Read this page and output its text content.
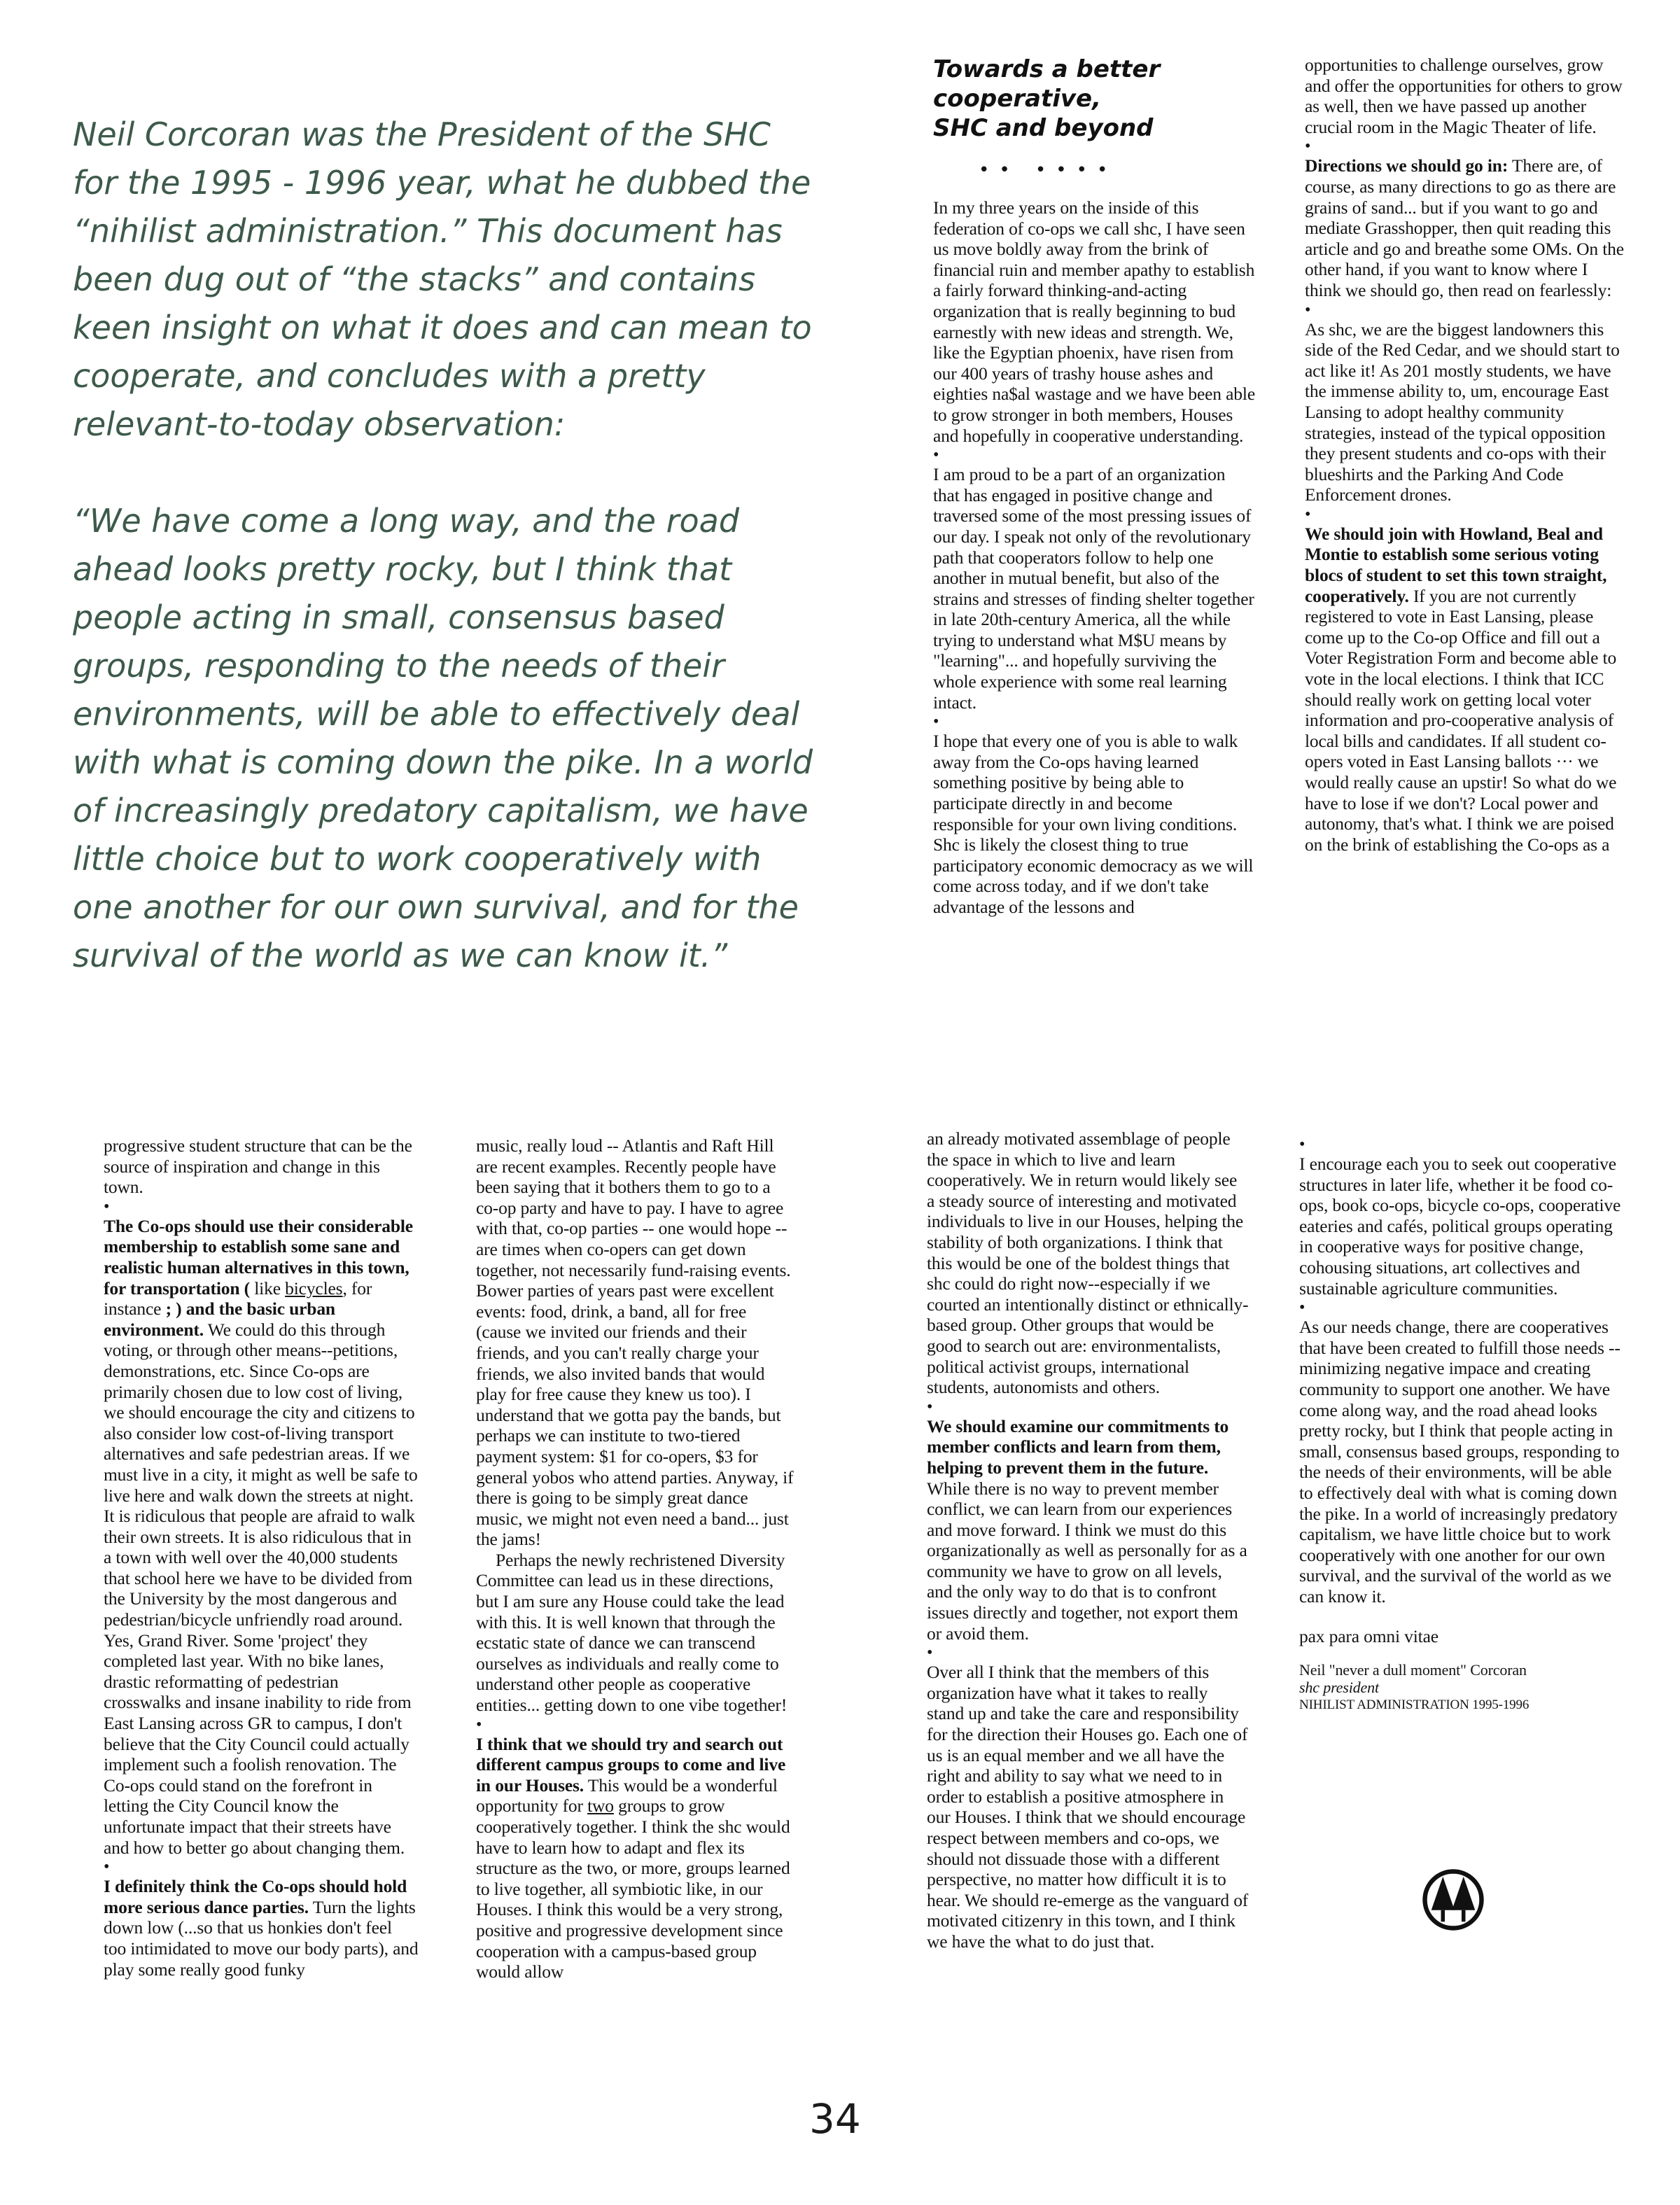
Neil Corcoran was the President of the SHC for the 1995 - 1996 year, what he dubbed the “nihilist administration.” This document has been dug out of “the stacks” and contains keen insight on what it does and can mean to cooperate, and concludes with a pretty relevant-to-today observation:

“We have come a long way, and the road ahead looks pretty rocky, but I think that people acting in small, consensus based groups, responding to the needs of their environments, will be able to effectively deal with what is coming down the pike. In a world of increasingly predatory capitalism, we have little choice but to work cooperatively with one another for our own survival, and for the survival of the world as we can know it.”

Towards a better
cooperative,
SHC and beyond
•• ••••

In my three years on the inside of this federation of co-ops we call shc, I have seen us move boldly away from the brink of financial ruin and member apathy to establish a fairly forward thinking-and-acting organization that is really beginning to bud earnestly with new ideas and strength. We, like the Egyptian phoenix, have risen from our 400 years of trashy house ashes and eighties na$al wastage and we have been able to grow stronger in both members, Houses and hopefully in cooperative understanding.

•

I am proud to be a part of an organization that has engaged in positive change and traversed some of the most pressing issues of our day. I speak not only of the revolutionary path that cooperators follow to help one another in mutual benefit, but also of the strains and stresses of finding shelter together in late 20th-century America, all the while trying to understand what M$U means by "learning"... and hopefully surviving the whole experience with some real learning intact.

•

I hope that every one of you is able to walk away from the Co-ops having learned something positive by being able to participate directly in and become responsible for your own living conditions. Shc is likely the closest thing to true participatory economic democracy as we will come across today, and if we don't take advantage of the lessons and

opportunities to challenge ourselves, grow and offer the opportunities for others to grow as well, then we have passed up another crucial room in the Magic Theater of life.

•

Directions we should go in: There are, of course, as many directions to go as there are grains of sand... but if you want to go and mediate Grasshopper, then quit reading this article and go and breathe some OMs. On the other hand, if you want to know where I think we should go, then read on fearlessly:

•

As shc, we are the biggest landowners this side of the Red Cedar, and we should start to act like it! As 201 mostly students, we have the immense ability to, um, encourage East Lansing to adopt healthy community strategies, instead of the typical opposition they present students and co-ops with their blueshirts and the Parking And Code Enforcement drones.

•

We should join with Howland, Beal and Montie to establish some serious voting blocs of student to set this town straight, cooperatively. If you are not currently registered to vote in East Lansing, please come up to the Co-op Office and fill out a Voter Registration Form and become able to vote in the local elections. I think that ICC should really work on getting local voter information and pro-cooperative analysis of local bills and candidates. If all student co-opers voted in East Lansing ballots ··· we would really cause an upstir! So what do we have to lose if we don't? Local power and autonomy, that's what. I think we are poised on the brink of establishing the Co-ops as a

progressive student structure that can be the source of inspiration and change in this town.

•

The Co-ops should use their considerable membership to establish some sane and realistic human alternatives in this town, for transportation ( like bicycles, for instance ; ) and the basic urban environment. We could do this through voting, or through other means--petitions, demonstrations, etc. Since Co-ops are primarily chosen due to low cost of living, we should encourage the city and citizens to also consider low cost-of-living transport alternatives and safe pedestrian areas. If we must live in a city, it might as well be safe to live here and walk down the streets at night. It is ridiculous that people are afraid to walk their own streets. It is also ridiculous that in a town with well over the 40,000 students that school here we have to be divided from the University by the most dangerous and pedestrian/bicycle unfriendly road around. Yes, Grand River. Some 'project' they completed last year. With no bike lanes, drastic reformatting of pedestrian crosswalks and insane inability to ride from East Lansing across GR to campus, I don't believe that the City Council could actually implement such a foolish renovation. The Co-ops could stand on the forefront in letting the City Council know the unfortunate impact that their streets have and how to better go about changing them.

•

I definitely think the Co-ops should hold more serious dance parties. Turn the lights down low (...so that us honkies don't feel too intimidated to move our body parts), and play some really good funky

music, really loud -- Atlantis and Raft Hill are recent examples. Recently people have been saying that it bothers them to go to a co-op party and have to pay. I have to agree with that, co-op parties -- one would hope -- are times when co-opers can get down together, not necessarily fund-raising events. Bower parties of years past were excellent events: food, drink, a band, all for free (cause we invited our friends and their friends, and you can't really charge your friends, we also invited bands that would play for free cause they knew us too). I understand that we gotta pay the bands, but perhaps we can institute to two-tiered payment system: $1 for co-opers, $3 for general yobos who attend parties. Anyway, if there is going to be simply great dance music, we might not even need a band... just the jams!

Perhaps the newly rechristened Diversity Committee can lead us in these directions, but I am sure any House could take the lead with this. It is well known that through the ecstatic state of dance we can transcend ourselves as individuals and really come to understand other people as cooperative entities... getting down to one vibe together!

•

I think that we should try and search out different campus groups to come and live in our Houses. This would be a wonderful opportunity for two groups to grow cooperatively together. I think the shc would have to learn how to adapt and flex its structure as the two, or more, groups learned to live together, all symbiotic like, in our Houses. I think this would be a very strong, positive and progressive development since cooperation with a campus-based group would allow

an already motivated assemblage of people the space in which to live and learn cooperatively. We in return would likely see a steady source of interesting and motivated individuals to live in our Houses, helping the stability of both organizations. I think that this would be one of the boldest things that shc could do right now--especially if we courted an intentionally distinct or ethnically-based group. Other groups that would be good to search out are: environmentalists, political activist groups, international students, autonomists and others.

•

We should examine our commitments to member conflicts and learn from them, helping to prevent them in the future. While there is no way to prevent member conflict, we can learn from our experiences and move forward. I think we must do this organizationally as well as personally for as a community we have to grow on all levels, and the only way to do that is to confront issues directly and together, not export them or avoid them.

•

Over all I think that the members of this organization have what it takes to really stand up and take the care and responsibility for the direction their Houses go. Each one of us is an equal member and we all have the right and ability to say what we need to in order to establish a positive atmosphere in our Houses. I think that we should encourage respect between members and co-ops, we should not dissuade those with a different perspective, no matter how difficult it is to hear. We should re-emerge as the vanguard of motivated citizenry in this town, and I think we have the what to do just that.

•

I encourage each you to seek out cooperative structures in later life, whether it be food co-ops, book co-ops, bicycle co-ops, cooperative eateries and cafés, political groups operating in cooperative ways for positive change, cohousing situations, art collectives and sustainable agriculture communities.

•

As our needs change, there are cooperatives that have been created to fulfill those needs -- minimizing negative impace and creating community to support one another. We have come along way, and the road ahead looks pretty rocky, but I think that people acting in small, consensus based groups, responding to the needs of their environments, will be able to effectively deal with what is coming down the pike. In a world of increasingly predatory capitalism, we have little choice but to work cooperatively with one another for our own survival, and the survival of the world as we can know it.

pax para omni vitae

Neil "never a dull moment" Corcoran
shc president
NIHILIST ADMINISTRATION 1995-1996
34
